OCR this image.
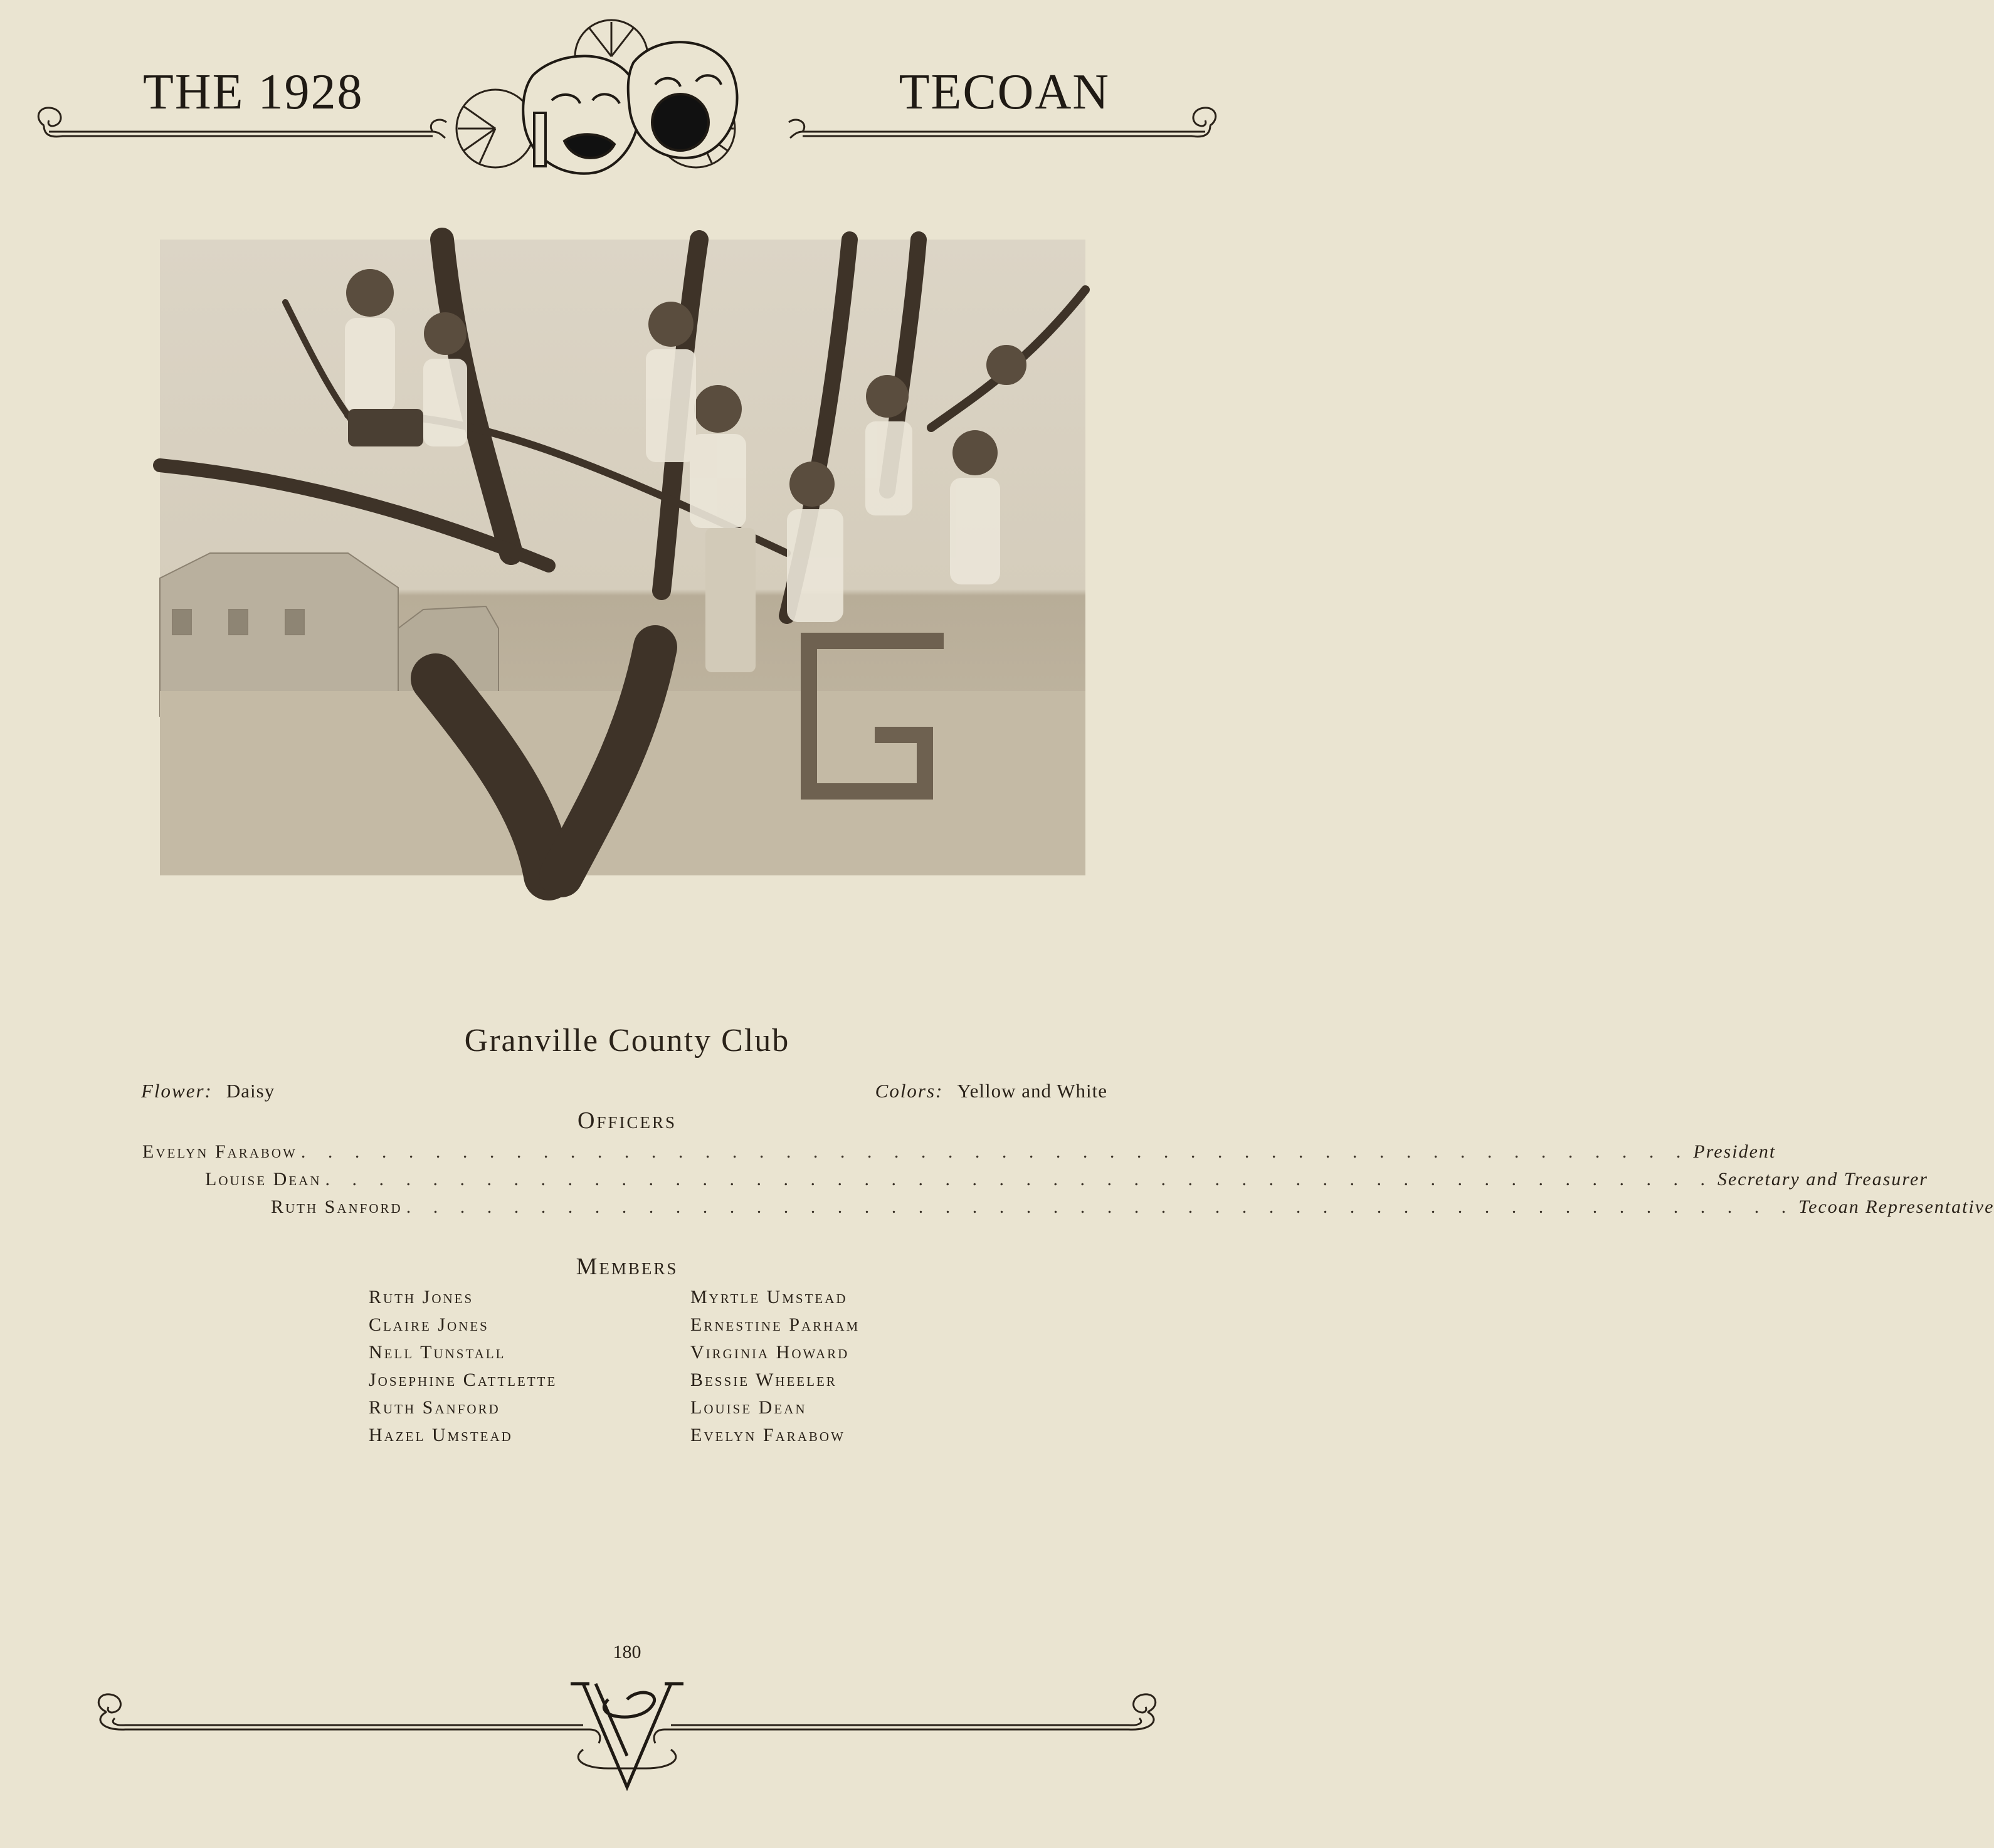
THE 1928	TECOAN
Granville County Club
Flower: Daisy	Colors: Yellow and White
Officers
Evelyn Farabow . . . . . . . . . . . . . . . . . . . . . . . . . . . . . . . . . . . . . . . . . . . . . . . . . . . . President
Louise Dean . . . . . . . . . . . . . . . . . . . . . . . . . . . . . . . . . . . . . . . . . . . . . . . . . . . . Secretary and Treasurer
Ruth Sanford . . . . . . . . . . . . . . . . . . . . . . . . . . . . . . . . . . . . . . . . . . . . . . . . . . . . Tecoan Representative
Members
Ruth Jones
Claire Jones
Nell Tunstall
Josephine Cattlette
Ruth Sanford
Hazel Umstead
Myrtle Umstead
Ernestine Parham
Virginia Howard
Bessie Wheeler
Louise Dean
Evelyn Farabow
180
